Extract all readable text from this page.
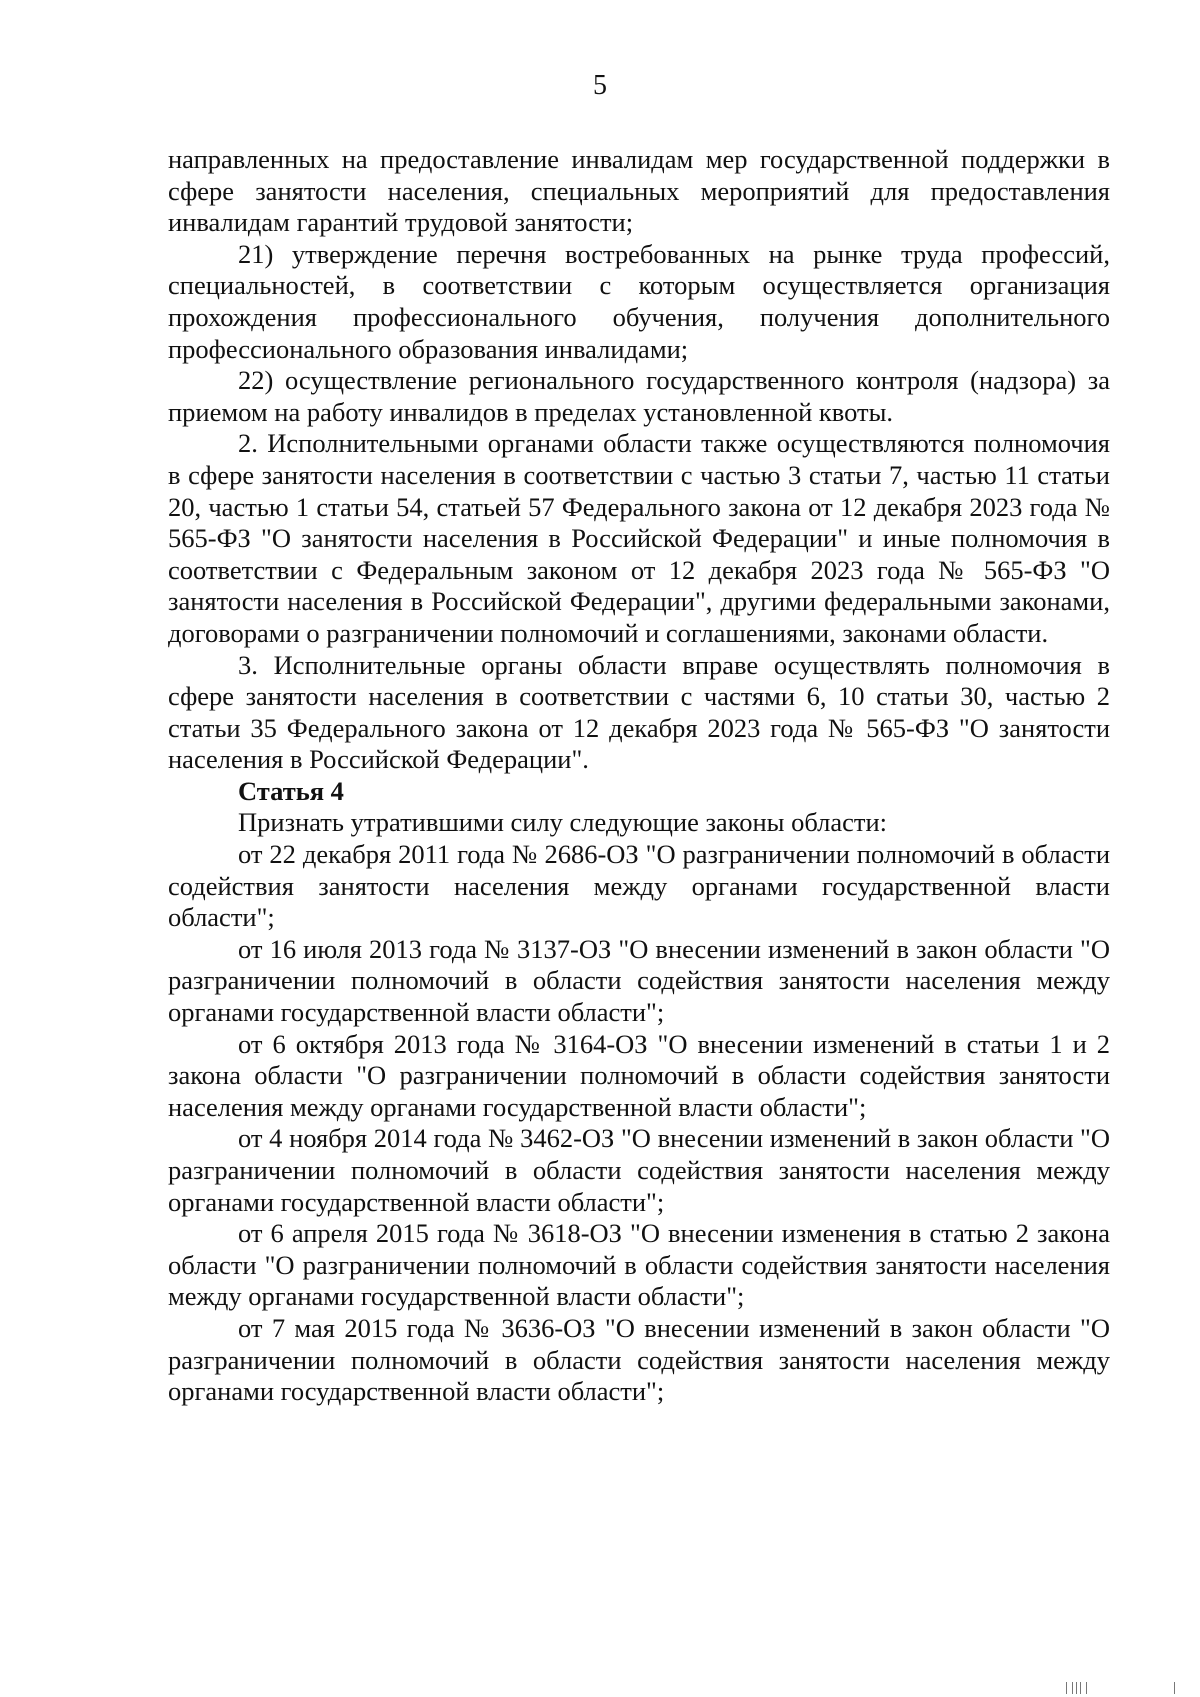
5

направленных на предоставление инвалидам мер государственной поддержки в сфере занятости населения, специальных мероприятий для предоставления инвалидам гарантий трудовой занятости;

21) утверждение перечня востребованных на рынке труда профессий, специальностей, в соответствии с которым осуществляется организация прохождения профессионального обучения, получения дополнительного профессионального образования инвалидами;

22) осуществление регионального государственного контроля (надзора) за приемом на работу инвалидов в пределах установленной квоты.

2. Исполнительными органами области также осуществляются полномочия в сфере занятости населения в соответствии с частью 3 статьи 7, частью 11 статьи 20, частью 1 статьи 54, статьей 57 Федерального закона от 12 декабря 2023 года № 565-ФЗ "О занятости населения в Российской Федерации" и иные полномочия в соответствии с Федеральным законом от 12 декабря 2023 года № 565-ФЗ "О занятости населения в Российской Федерации", другими федеральными законами, договорами о разграничении полномочий и соглашениями, законами области.

3. Исполнительные органы области вправе осуществлять полномочия в сфере занятости населения в соответствии с частями 6, 10 статьи 30, частью 2 статьи 35 Федерального закона от 12 декабря 2023 года № 565-ФЗ "О занятости населения в Российской Федерации".

Статья 4

Признать утратившими силу следующие законы области:

от 22 декабря 2011 года № 2686-ОЗ "О разграничении полномочий в области содействия занятости населения между органами государственной власти области";

от 16 июля 2013 года № 3137-ОЗ "О внесении изменений в закон области "О разграничении полномочий в области содействия занятости населения между органами государственной власти области";

от 6 октября 2013 года № 3164-ОЗ "О внесении изменений в статьи 1 и 2 закона области "О разграничении полномочий в области содействия занятости населения между органами государственной власти области";

от 4 ноября 2014 года № 3462-ОЗ "О внесении изменений в закон области "О разграничении полномочий в области содействия занятости населения между органами государственной власти области";

от 6 апреля 2015 года № 3618-ОЗ "О внесении изменения в статью 2 закона области "О разграничении полномочий в области содействия занятости населения между органами государственной власти области";

от 7 мая 2015 года № 3636-ОЗ "О внесении изменений в закон области "О разграничении полномочий в области содействия занятости населения между органами государственной власти области";
